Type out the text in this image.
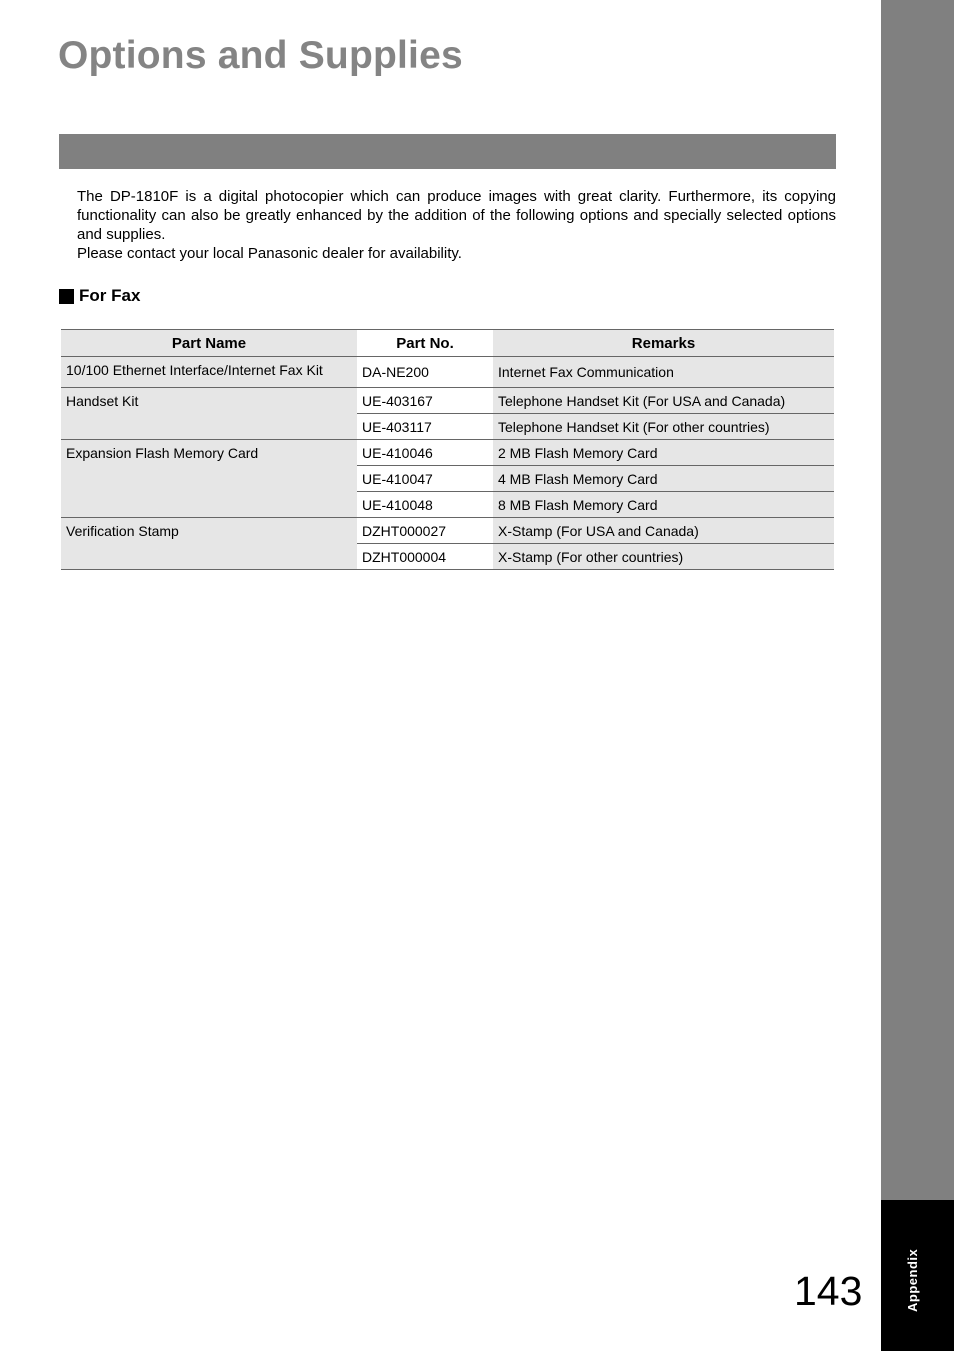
Options and Supplies

The DP-1810F is a digital photocopier which can produce images with great clarity. Furthermore, its copying functionality can also be greatly enhanced by the addition of the following options and specially selected options and supplies.

Please contact your local Panasonic dealer for availability.

For Fax
Part Name	Part No.	Remarks
10/100 Ethernet Interface/Internet Fax Kit	DA-NE200	Internet Fax Communication
Handset Kit	UE-403167	Telephone Handset Kit (For USA and Canada)
	UE-403117	Telephone Handset Kit (For other countries)
Expansion Flash Memory Card	UE-410046	2 MB Flash Memory Card
	UE-410047	4 MB Flash Memory Card
	UE-410048	8 MB Flash Memory Card
Verification Stamp	DZHT000027	X-Stamp (For USA and Canada)
	DZHT000004	X-Stamp (For other countries)
Appendix
143
